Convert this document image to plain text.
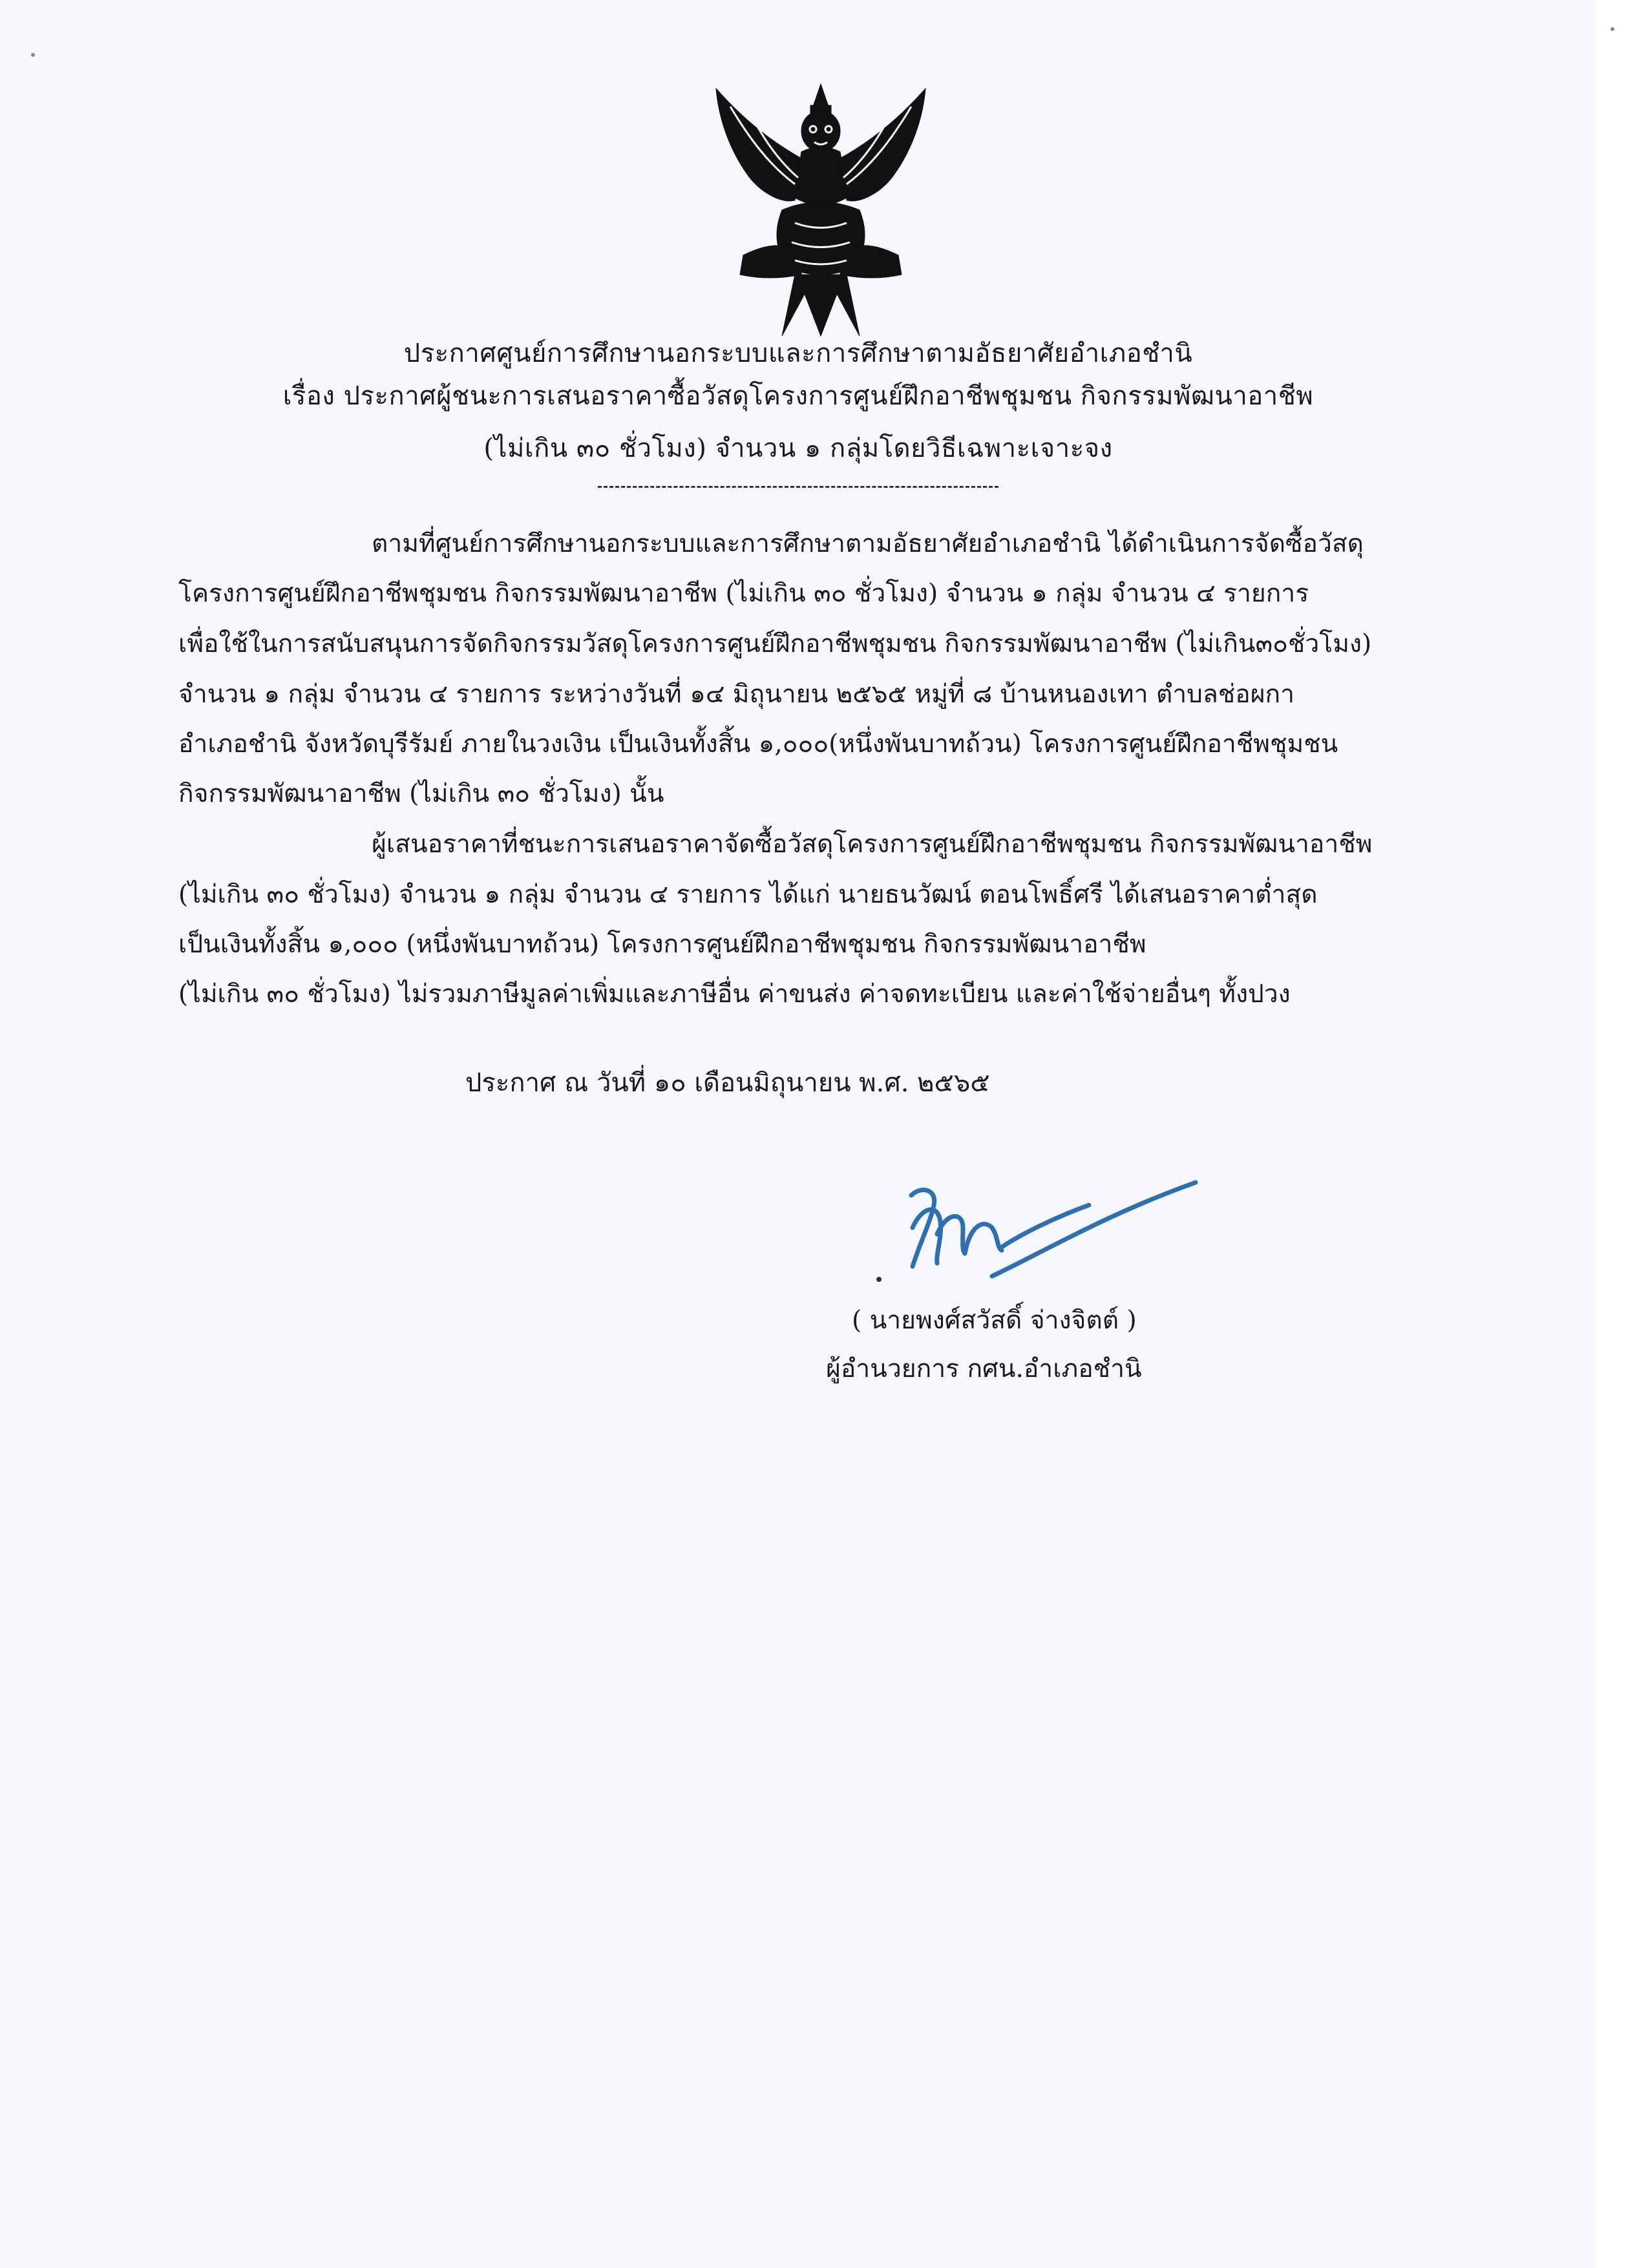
ประกาศศูนย์การศึกษานอกระบบและการศึกษาตามอัธยาศัยอำเภอชำนิ
เรื่อง ประกาศผู้ชนะการเสนอราคาซื้อวัสดุโครงการศูนย์ฝึกอาชีพชุมชน กิจกรรมพัฒนาอาชีพ
(ไม่เกิน ๓๐ ชั่วโมง) จำนวน ๑ กลุ่มโดยวิธีเฉพาะเจาะจง
ตามที่ศูนย์การศึกษานอกระบบและการศึกษาตามอัธยาศัยอำเภอชำนิ ได้ดำเนินการจัดซื้อวัสดุ
โครงการศูนย์ฝึกอาชีพชุมชน กิจกรรมพัฒนาอาชีพ (ไม่เกิน ๓๐ ชั่วโมง) จำนวน ๑ กลุ่ม จำนวน ๔ รายการ
เพื่อใช้ในการสนับสนุนการจัดกิจกรรมวัสดุโครงการศูนย์ฝึกอาชีพชุมชน กิจกรรมพัฒนาอาชีพ (ไม่เกิน๓๐ชั่วโมง)
จำนวน ๑ กลุ่ม จำนวน ๔ รายการ ระหว่างวันที่ ๑๔ มิถุนายน ๒๕๖๕ หมู่ที่ ๘ บ้านหนองเทา ตำบลช่อผกา
อำเภอชำนิ จังหวัดบุรีรัมย์ ภายในวงเงิน เป็นเงินทั้งสิ้น ๑,๐๐๐(หนึ่งพันบาทถ้วน) โครงการศูนย์ฝึกอาชีพชุมชน
กิจกรรมพัฒนาอาชีพ (ไม่เกิน ๓๐ ชั่วโมง) นั้น
ผู้เสนอราคาที่ชนะการเสนอราคาจัดซื้อวัสดุโครงการศูนย์ฝึกอาชีพชุมชน กิจกรรมพัฒนาอาชีพ
(ไม่เกิน ๓๐ ชั่วโมง) จำนวน ๑ กลุ่ม จำนวน ๔ รายการ ได้แก่ นายธนวัฒน์ ตอนโพธิ์ศรี ได้เสนอราคาต่ำสุด
เป็นเงินทั้งสิ้น ๑,๐๐๐ (หนึ่งพันบาทถ้วน) โครงการศูนย์ฝึกอาชีพชุมชน กิจกรรมพัฒนาอาชีพ
(ไม่เกิน ๓๐ ชั่วโมง) ไม่รวมภาษีมูลค่าเพิ่มและภาษีอื่น ค่าขนส่ง ค่าจดทะเบียน และค่าใช้จ่ายอื่นๆ ทั้งปวง
ประกาศ ณ วันที่ ๑๐ เดือนมิถุนายน พ.ศ. ๒๕๖๕
( นายพงศ์สวัสดิ์ จ่างจิตต์ )
ผู้อำนวยการ กศน.อำเภอชำนิ
